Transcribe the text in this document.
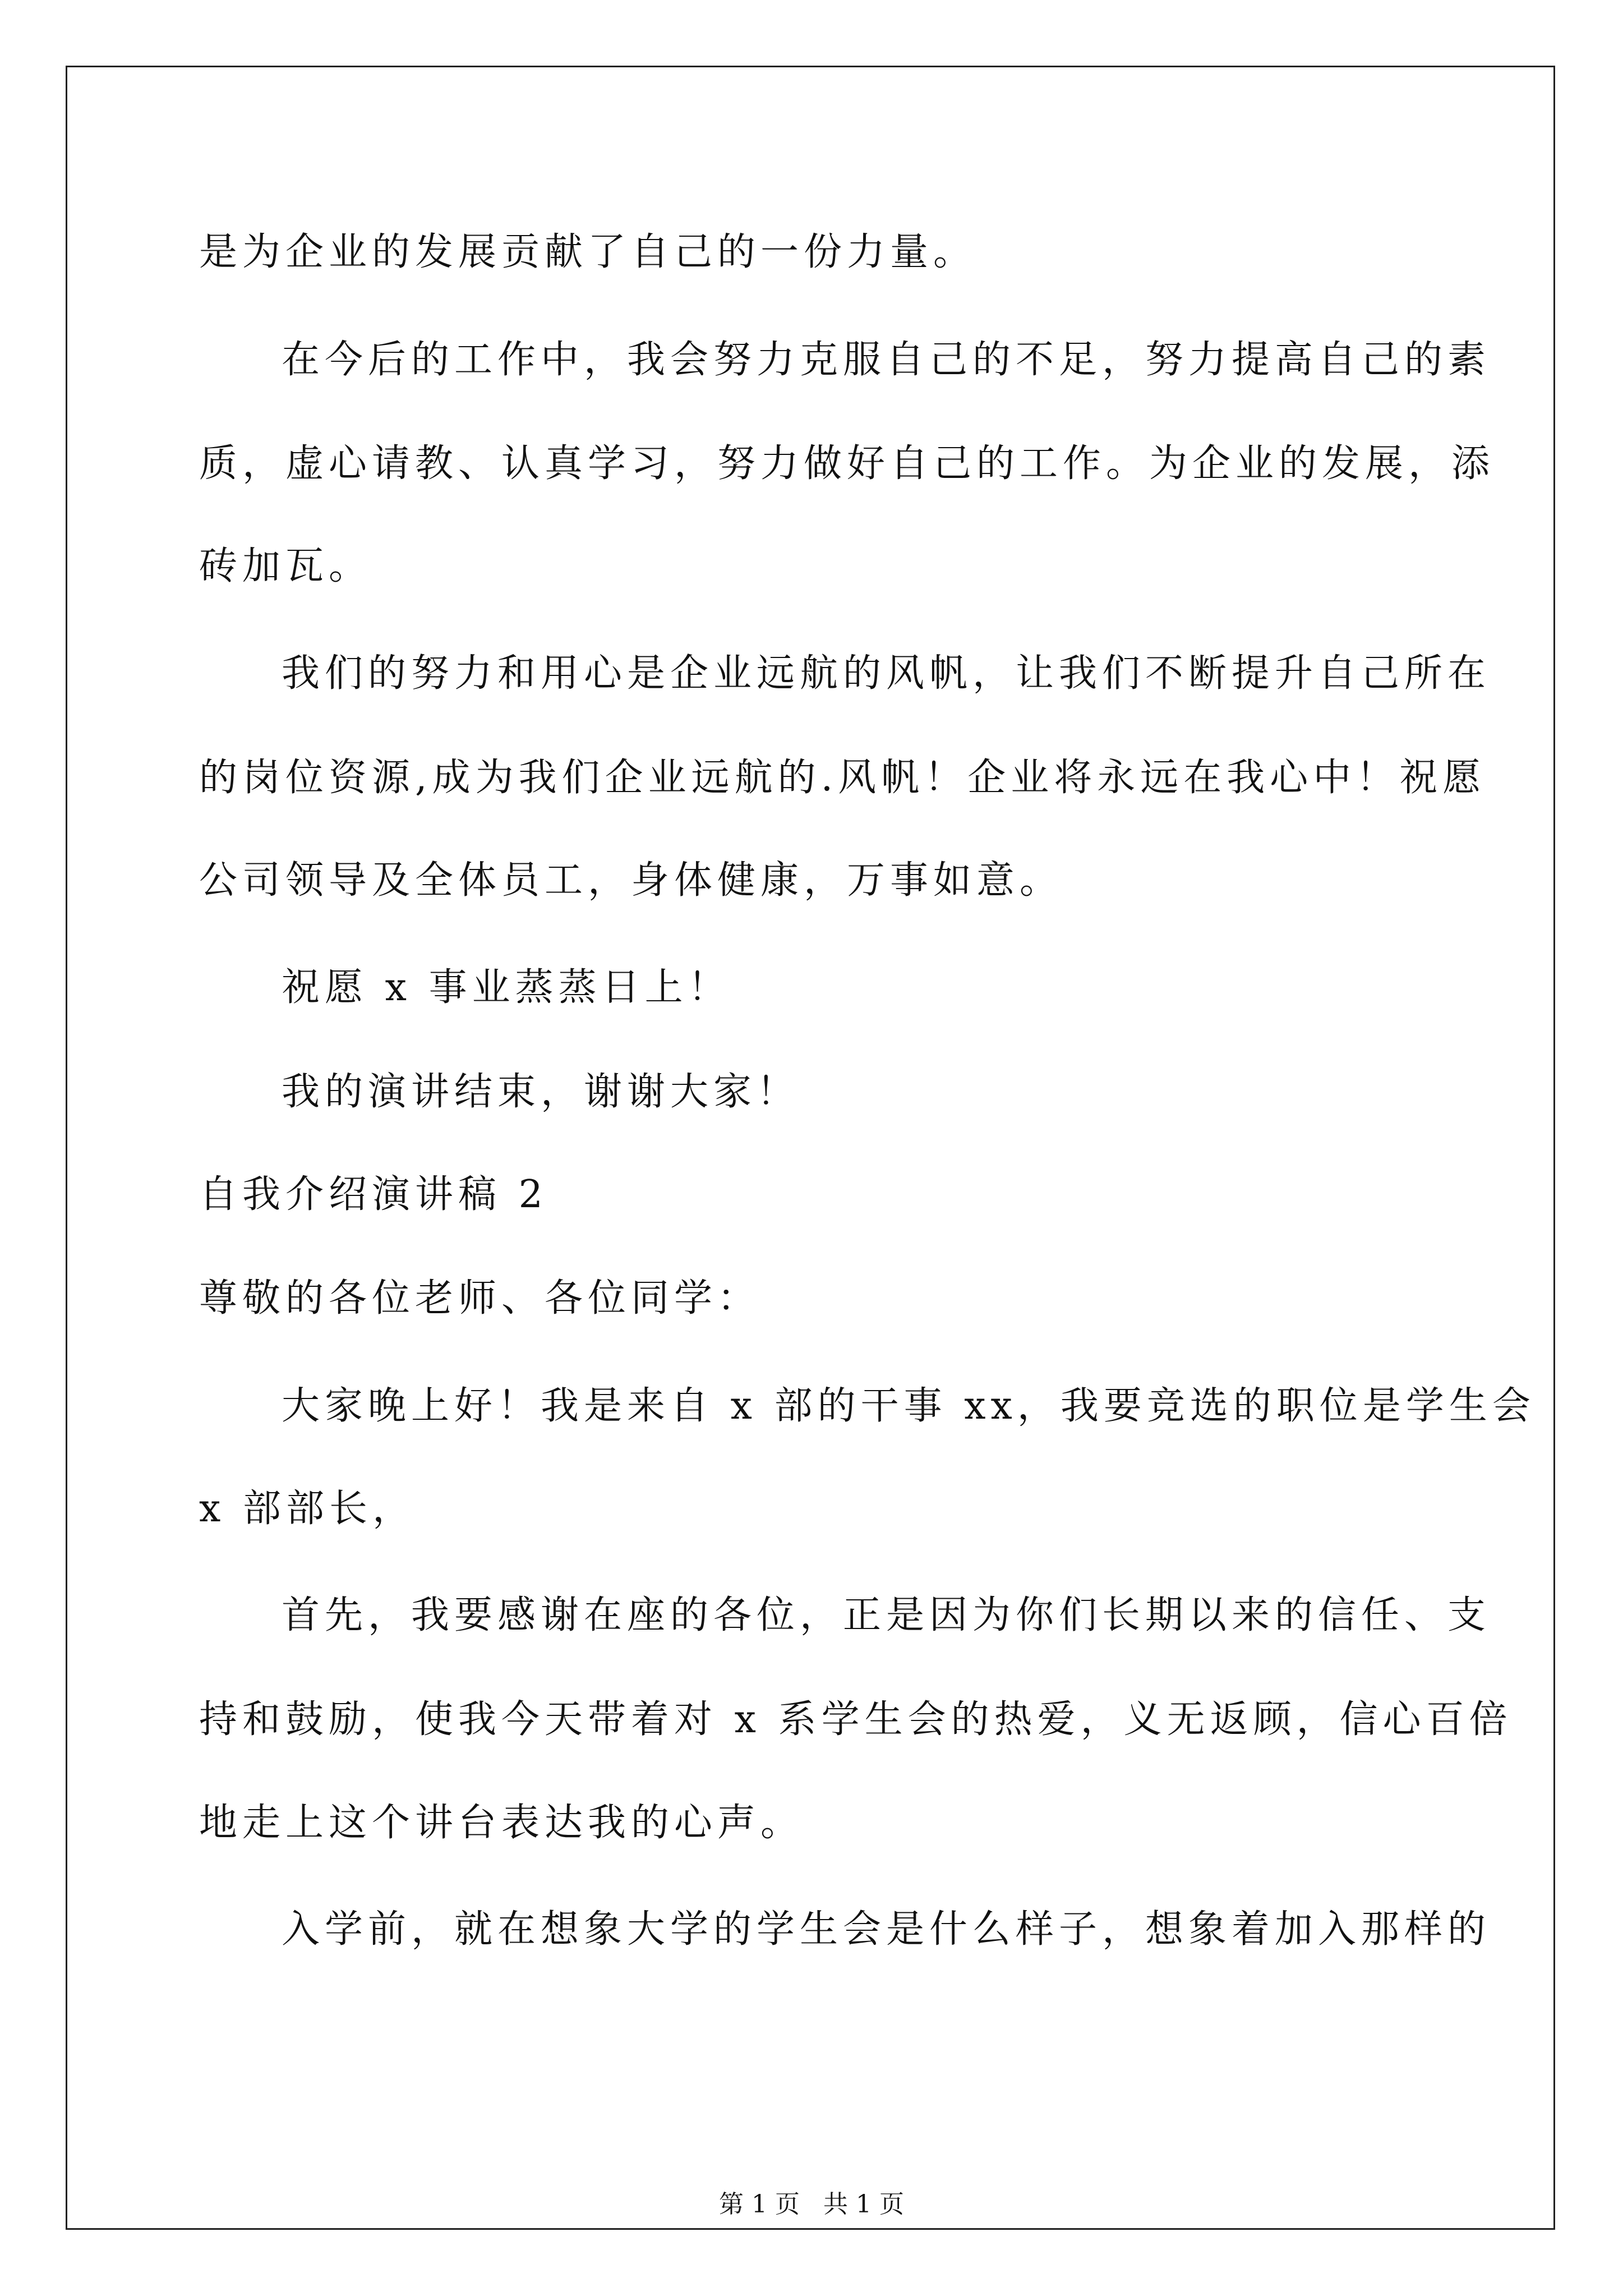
是为企业的发展贡献了自己的一份力量。
在今后的工作中，我会努力克服自己的不足，努力提高自己的素
质，虚心请教、认真学习，努力做好自己的工作。为企业的发展，添
砖加瓦。
我们的努力和用心是企业远航的风帆，让我们不断提升自己所在
的岗位资源,成为我们企业远航的.风帆！企业将永远在我心中！祝愿
公司领导及全体员工，身体健康，万事如意。
祝愿 x 事业蒸蒸日上！
我的演讲结束，谢谢大家！
自我介绍演讲稿 2
尊敬的各位老师、各位同学：
大家晚上好！我是来自 x 部的干事 xx，我要竞选的职位是学生会
x 部部长，
首先，我要感谢在座的各位，正是因为你们长期以来的信任、支
持和鼓励，使我今天带着对 x 系学生会的热爱，义无返顾，信心百倍
地走上这个讲台表达我的心声。
入学前，就在想象大学的学生会是什么样子，想象着加入那样的
第 1 页   共 1 页
